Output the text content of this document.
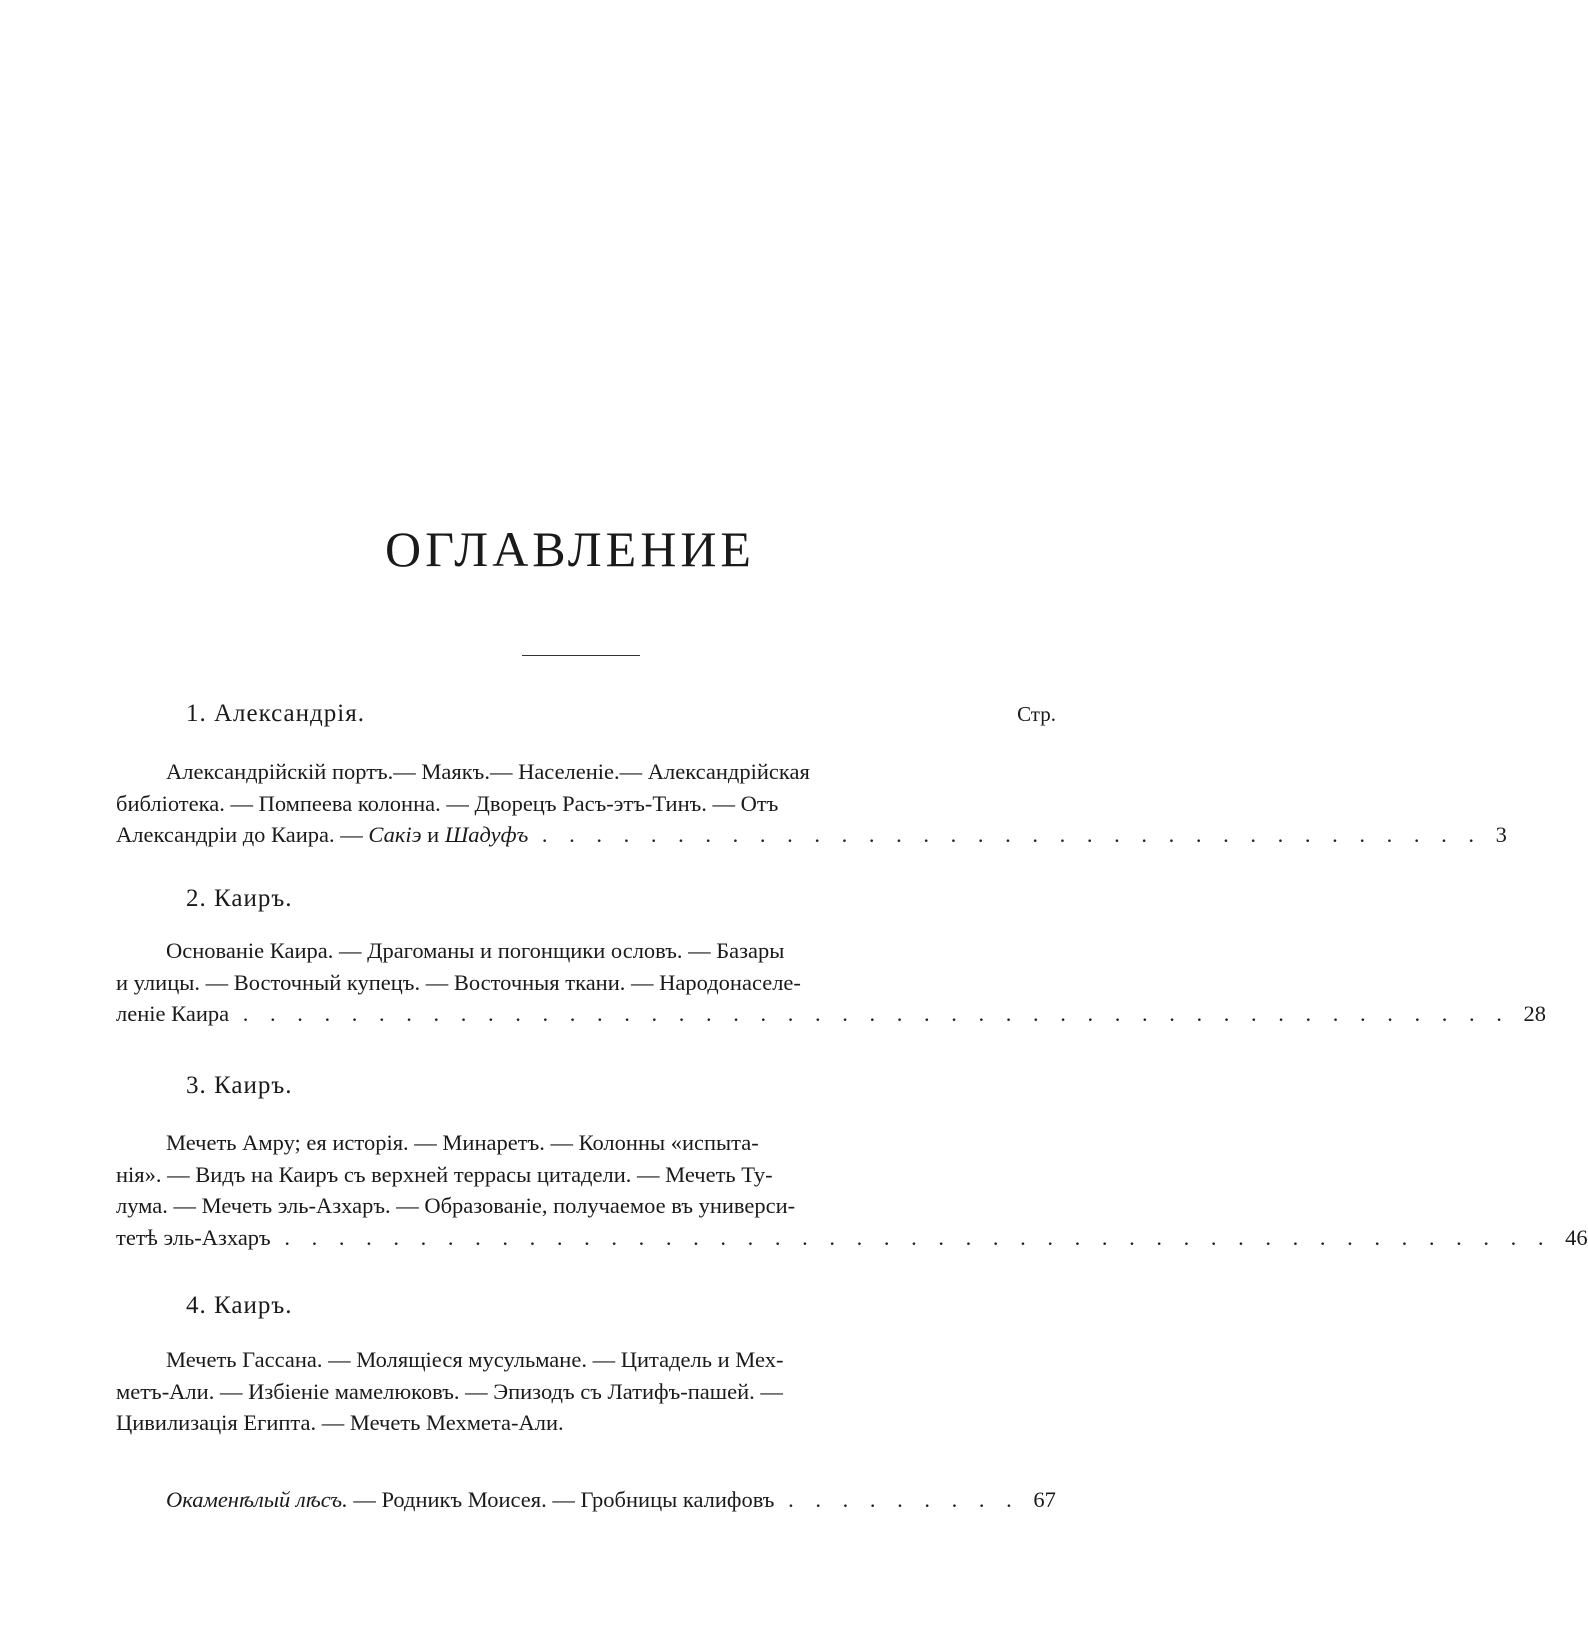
ОГЛАВЛЕНИЕ
Стр.
1. Александрія.
Александрійскій портъ.— Маякъ.— Населеніе.— Александрійская
библіотека. — Помпеева колонна. — Дворецъ Расъ-этъ-Тинъ. — Отъ
Александріи до Каира. — Сакіэ и Шадуфъ . . . . . . . . . . . . . . . . . . . . . . . . . . . . . . . . . . . 3
2. Каиръ.
Основаніе Каира. — Драгоманы и погонщики ословъ. — Базары
и улицы. — Восточный купецъ. — Восточныя ткани. — Народонаселе-
леніе Каира . . . . . . . . . . . . . . . . . . . . . . . . . . . . . . . . . . . . . . . . . . . . . . . 28
3. Каиръ.
Мечеть Амру; ея исторія. — Минаретъ. — Колонны «испыта-
нія». — Видъ на Каиръ съ верхней террасы цитадели. — Мечеть Ту-
лума. — Мечеть эль-Азхаръ. — Образованіе, получаемое въ универси-
тетѣ эль-Азхаръ . . . . . . . . . . . . . . . . . . . . . . . . . . . . . . . . . . . . . . . . . . . . . . . 46
4. Каиръ.
Мечеть Гассана. — Молящіеся мусульмане. — Цитадель и Мех-
метъ-Али. — Избіеніе мамелюковъ. — Эпизодъ съ Латифъ-пашей. —
Цивилизація Египта. — Мечеть Мехмета-Али.
Окаменѣлый лѣсъ. — Родникъ Моисея. — Гробницы калифовъ . . . . . . . . . 67
